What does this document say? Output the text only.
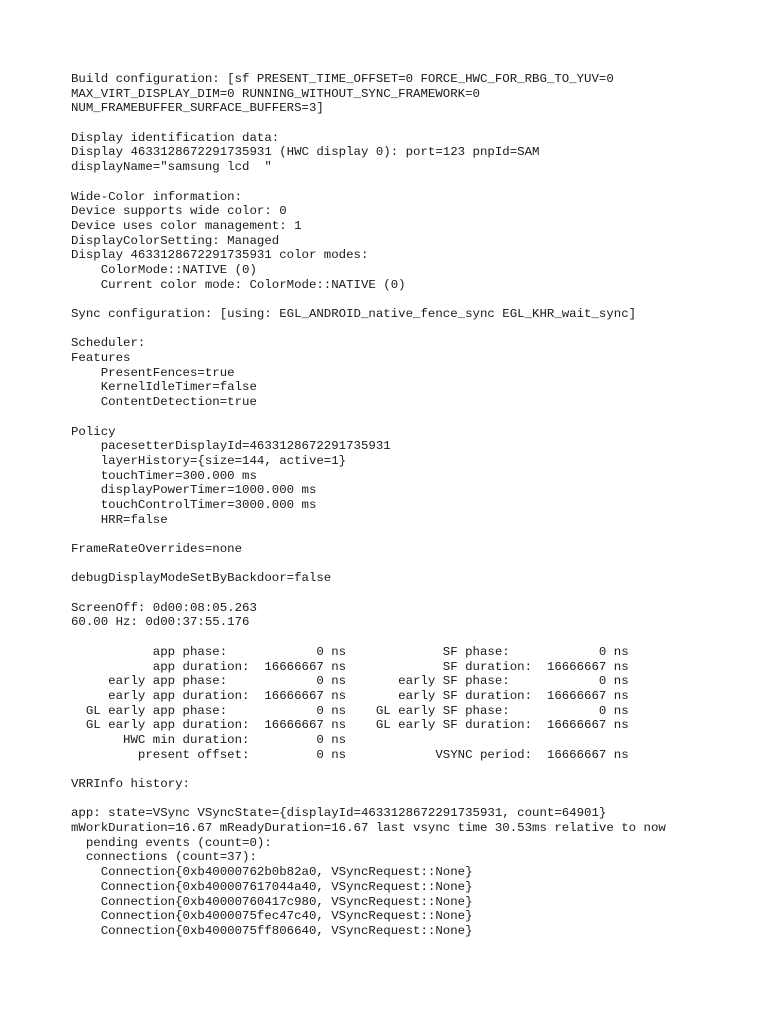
Build configuration: [sf PRESENT_TIME_OFFSET=0 FORCE_HWC_FOR_RBG_TO_YUV=0
MAX_VIRT_DISPLAY_DIM=0 RUNNING_WITHOUT_SYNC_FRAMEWORK=0
NUM_FRAMEBUFFER_SURFACE_BUFFERS=3]
Display identification data:
Display 4633128672291735931 (HWC display 0): port=123 pnpId=SAM
displayName="samsung lcd  "
Wide-Color information:
Device supports wide color: 0
Device uses color management: 1
DisplayColorSetting: Managed
Display 4633128672291735931 color modes:
ColorMode::NATIVE (0)
Current color mode: ColorMode::NATIVE (0)
Sync configuration: [using: EGL_ANDROID_native_fence_sync EGL_KHR_wait_sync]
Scheduler:
Features
PresentFences=true
KernelIdleTimer=false
ContentDetection=true
Policy
pacesetterDisplayId=4633128672291735931
layerHistory={size=144, active=1}
touchTimer=300.000 ms
displayPowerTimer=1000.000 ms
touchControlTimer=3000.000 ms
HRR=false
FrameRateOverrides=none
debugDisplayModeSetByBackdoor=false
ScreenOff: 0d00:08:05.263
60.00 Hz: 0d00:37:55.176
app phase:            0 ns             SF phase:            0 ns
app duration:  16666667 ns             SF duration:  16666667 ns
early app phase:            0 ns       early SF phase:            0 ns
early app duration:  16666667 ns       early SF duration:  16666667 ns
GL early app phase:            0 ns    GL early SF phase:            0 ns
GL early app duration:  16666667 ns    GL early SF duration:  16666667 ns
HWC min duration:         0 ns
present offset:         0 ns            VSYNC period:  16666667 ns
VRRInfo history:
app: state=VSync VSyncState={displayId=4633128672291735931, count=64901}
mWorkDuration=16.67 mReadyDuration=16.67 last vsync time 30.53ms relative to now
pending events (count=0):
connections (count=37):
Connection{0xb40000762b0b82a0, VSyncRequest::None}
Connection{0xb400007617044a40, VSyncRequest::None}
Connection{0xb40000760417c980, VSyncRequest::None}
Connection{0xb4000075fec47c40, VSyncRequest::None}
Connection{0xb4000075ff806640, VSyncRequest::None}
